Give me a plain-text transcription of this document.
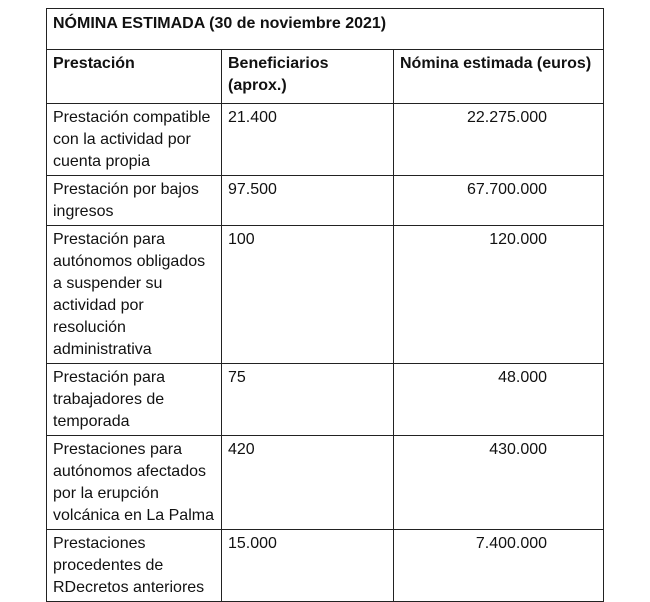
NÓMINA ESTIMADA (30 de noviembre 2021)		
Prestación	Beneficiarios (aprox.)	Nómina estimada (euros)
Prestación compatible con la actividad por cuenta propia	21.400	22.275.000
Prestación por bajos ingresos	97.500	67.700.000
Prestación para autónomos obligados a suspender su actividad por resolución administrativa	100	120.000
Prestación para trabajadores de temporada	75	48.000
Prestaciones para autónomos afectados por la erupción volcánica en La Palma	420	430.000
Prestaciones procedentes de RDecretos anteriores	15.000	7.400.000
